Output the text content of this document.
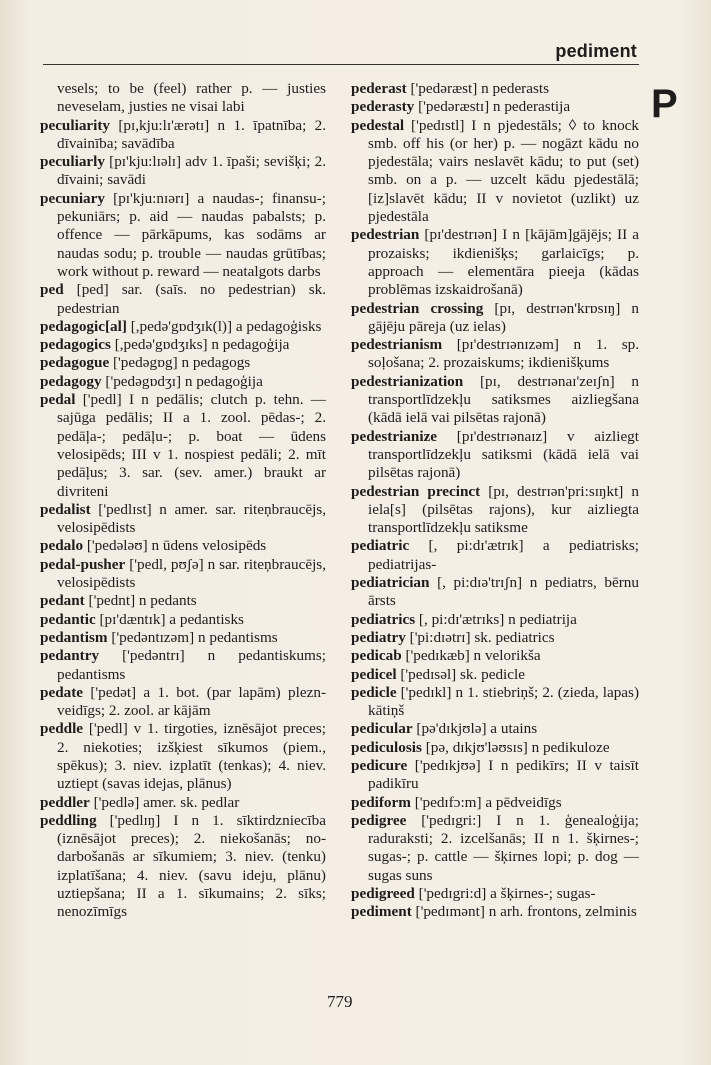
pediment
P

vesels; to be (feel) rather p. — justies neveselam, justies ne visai labi

peculiarity [pɪ,kju:lɪ'ærətɪ] n 1. īpatnība; 2. dīvainība; savādība

peculiarly [pɪ'kju:lɪəlɪ] adv 1. īpaši; sevišķi; 2. dīvaini; savādi

pecuniary [pɪ'kju:nɪərɪ] a naudas-; finansu-; pekuniārs; p. aid — naudas pabalsts; p. offence — pārkāpums, kas sodāms ar naudas sodu; p. trouble — naudas grūtības; work without p. reward — neatalgots darbs

ped [ped] sar. (saīs. no pedestrian) sk. pedestrian

pedagogic[al] [,pedə'gɒdʒɪk(l)] a pedagoģisks

pedagogics [,pedə'gɒdʒɪks] n pedagoģija

pedagogue ['pedəgɒg] n pedagogs

pedagogy ['pedəgɒdʒɪ] n pedagoģija

pedal ['pedl] I n pedālis; clutch p. tehn. — sajūga pedālis; II a 1. zool. pēdas-; 2. pedāļa-; pedāļu-; p. boat — ūdens velosipēds; III v 1. nospiest pedāli; 2. mīt pedāļus; 3. sar. (sev. amer.) braukt ar divriteni

pedalist ['pedlɪst] n amer. sar. riteņbraucējs, velosipēdists

pedalo ['pedələʊ] n ūdens velosipēds

pedal-pusher ['pedl, pʊʃə] n sar. riteņbraucējs, velosipēdists

pedant ['pednt] n pedants

pedantic [pɪ'dæntɪk] a pedantisks

pedantism ['pedəntɪzəm] n pedantisms

pedantry ['pedəntrɪ] n pedantiskums; pedantisms

pedate ['pedət] a 1. bot. (par lapām) pleznveidīgs; 2. zool. ar kājām

peddle ['pedl] v 1. tirgoties, iznēsājot preces; 2. niekoties; izšķiest sīkumos (piem., spēkus); 3. niev. izplatīt (tenkas); 4. niev. uztiept (savas idejas, plānus)

peddler ['pedlə] amer. sk. pedlar

peddling ['pedlɪŋ] I n 1. sīktirdzniecība (iznēsājot preces); 2. niekošanās; nodarbošanās ar sīkumiem; 3. niev. (tenku) izplatīšana; 4. niev. (savu ideju, plānu) uztiepšana; II a 1. sīkumains; 2. sīks; nenozīmīgs

pederast ['pedəræst] n pederasts

pederasty ['pedəræstɪ] n pederastija

pedestal ['pedɪstl] I n pjedestāls; ◊ to knock smb. off his (or her) p. — nogāzt kādu no pjedestāla; vairs neslavēt kādu; to put (set) smb. on a p. — uzcelt kādu pjedestālā; [iz]slavēt kādu; II v novietot (uzlikt) uz pjedestāla

pedestrian [pɪ'destrɪən] I n [kājām]gājējs; II a prozaisks; ikdienišķs; garlaicīgs; p. approach — elementāra pieeja (kādas problēmas izskaidrošanā)

pedestrian crossing [pɪ, destrɪən'krɒsɪŋ] n gājēju pāreja (uz ielas)

pedestrianism [pɪ'destrɪənɪzəm] n 1. sp. soļošana; 2. prozaiskums; ikdienišķums

pedestrianization [pɪ, destrɪənaɪ'zeɪʃn] n transportlīdzekļu satiksmes aizliegšana (kādā ielā vai pilsētas rajonā)

pedestrianize [pɪ'destrɪənaɪz] v aizliegt transportlīdzekļu satiksmi (kādā ielā vai pilsētas rajonā)

pedestrian precinct [pɪ, destrɪən'pri:sɪŋkt] n iela[s] (pilsētas rajons), kur aizliegta transportlīdzekļu satiksme

pediatric [, pi:dɪ'ætrɪk] a pediatrisks; pediatrijas-

pediatrician [, pi:dɪə'trɪʃn] n pediatrs, bērnu ārsts

pediatrics [, pi:dɪ'ætrɪks] n pediatrija

pediatry ['pi:dɪətrɪ] sk. pediatrics

pedicab ['pedɪkæb] n velorikša

pedicel ['pedɪsəl] sk. pedicle

pedicle ['pedɪkl] n 1. stiebriņš; 2. (zieda, lapas) kātiņš

pedicular [pə'dɪkjʊlə] a utains

pediculosis [pə, dɪkjʊ'ləʊsɪs] n pedikuloze

pedicure ['pedɪkjʊə] I n pedikīrs; II v taisīt padikīru

pediform ['pedɪfɔ:m] a pēdveidīgs

pedigree ['pedɪgri:] I n 1. ģenealoģija; raduraksti; 2. izcelšanās; II n 1. šķirnes-; sugas-; p. cattle — šķirnes lopi; p. dog — sugas suns

pedigreed ['pedɪgri:d] a šķirnes-; sugas-

pediment ['pedɪmənt] n arh. frontons, zelminis

779
